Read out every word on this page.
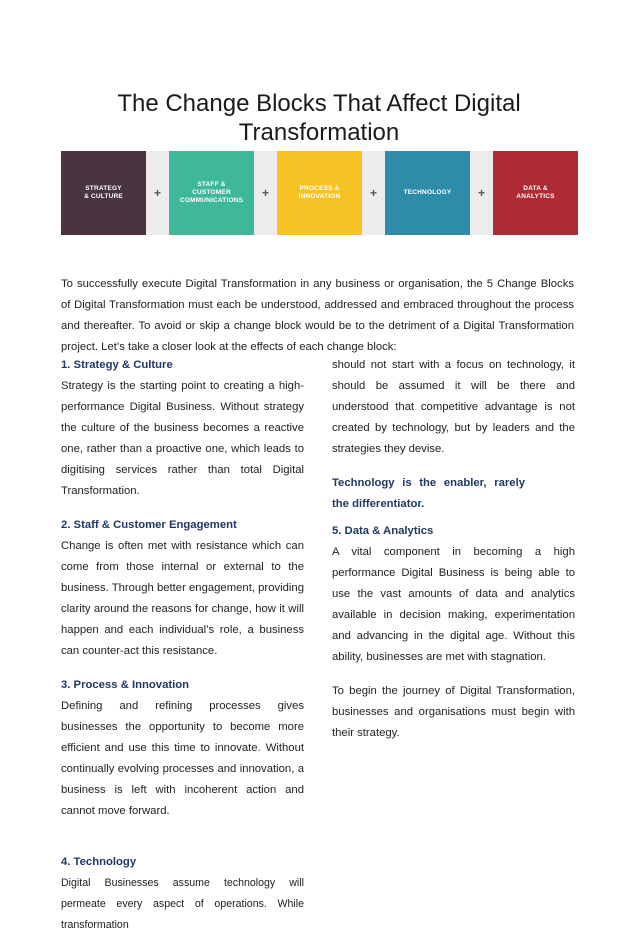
The Change Blocks That Affect Digital Transformation
STRATEGY
& CULTURE	+
STAFF &
CUSTOMER
COMMUNICATIONS
+	PROCESS &
INNOVATION	+	TECHNOLOGY	+	DATA &
ANALYTICS

To successfully execute Digital Transformation in any business or organisation, the 5 Change Blocks of Digital Transformation must each be understood, addressed and embraced throughout the process and thereafter. To avoid or skip a change block would be to the detriment of a Digital Transformation project. Let’s take a closer look at the effects of each change block:

1. Strategy & Culture

Strategy is the starting point to creating a high-performance Digital Business. Without strategy the culture of the business becomes a reactive one, rather than a proactive one, which leads to digitising services rather than total Digital Transformation.

2. Staff & Customer Engagement

Change is often met with resistance which can come from those internal or external to the business. Through better engagement, providing clarity around the reasons for change, how it will happen and each individual’s role, a business can counter-act this resistance.

3. Process & Innovation

Defining and refining processes gives businesses the opportunity to become more efficient and use this time to innovate. Without continually evolving processes and innovation, a business is left with incoherent action and cannot move forward.

4. Technology

Digital Businesses assume technology will permeate every aspect of operations. While transformation

should not start with a focus on technology, it should be assumed it will be there and understood that competitive advantage is not created by technology, but by leaders and the strategies they devise.

Technology is the enabler, rarely the differentiator.

5. Data & Analytics

A vital component in becoming a high performance Digital Business is being able to use the vast amounts of data and analytics available in decision making, experimentation and advancing in the digital age. Without this ability, businesses are met with stagnation.

To begin the journey of Digital Transformation, businesses and organisations must begin with their strategy.
